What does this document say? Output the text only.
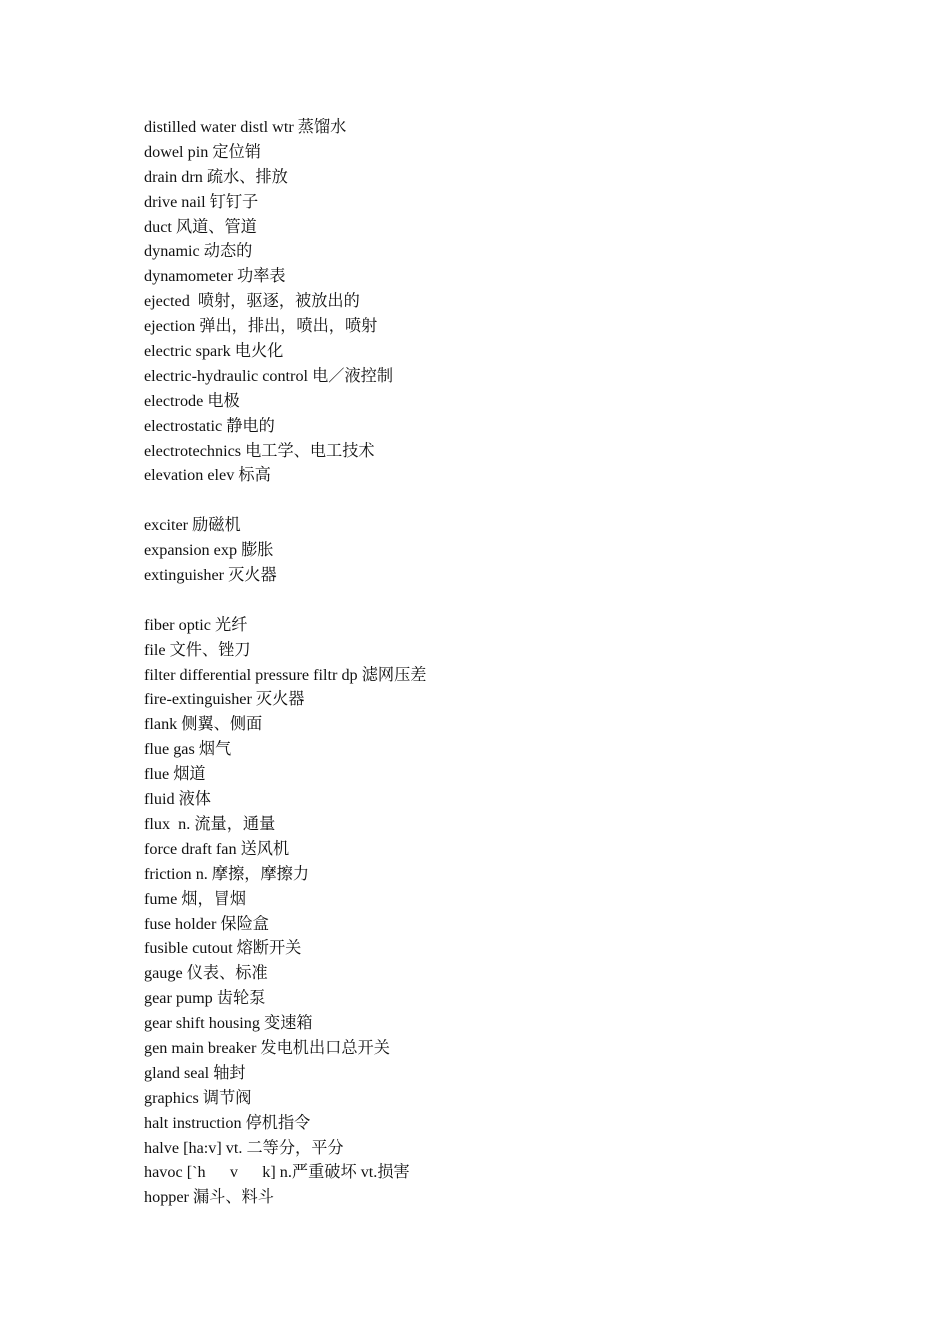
distilled water distl wtr 蒸馏水
dowel pin 定位销
drain drn 疏水、排放
drive nail 钉钉子
duct 风道、管道
dynamic 动态的
dynamometer 功率表
ejected  喷射，驱逐，被放出的
ejection 弹出，排出，喷出，喷射
electric spark 电火化
electric-hydraulic control 电／液控制
electrode 电极
electrostatic 静电的
electrotechnics 电工学、电工技术
elevation elev 标高
exciter 励磁机
expansion exp 膨胀
extinguisher 灭火器
fiber optic 光纤
file 文件、锉刀
filter differential pressure filtr dp 滤网压差
fire-extinguisher 灭火器
flank 侧翼、侧面
flue gas 烟气
flue 烟道
fluid 液体
flux  n. 流量，通量
force draft fan 送风机
friction n. 摩擦，摩擦力
fume 烟，冒烟
fuse holder 保险盒
fusible cutout 熔断开关
gauge 仪表、标准
gear pump 齿轮泵
gear shift housing 变速箱
gen main breaker 发电机出口总开关
gland seal 轴封
graphics 调节阀
halt instruction 停机指令
halve [ha:v] vt. 二等分，平分
havoc [`h      v      k] n.严重破坏 vt.损害
hopper 漏斗、料斗
